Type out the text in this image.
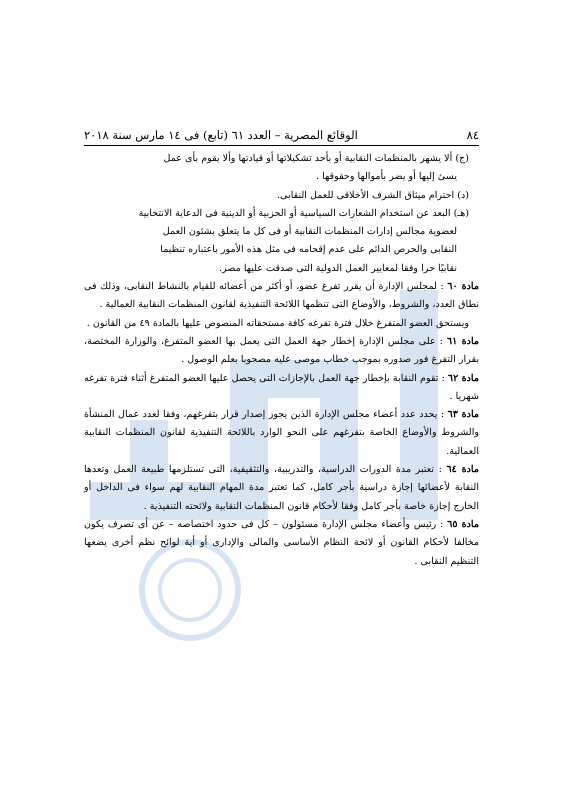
٨٤
الوقائع المصرية – العدد ٦١ (تابع) فى ١٤ مارس سنة ٢٠١٨

(ج) ألا يشهر بالمنظمات النقابية أو بأحد تشكيلاتها أو قيادتها وألا يقوم بأى عمل

يسئ إليها أو يضر بأموالها وحقوقها .

(د) احترام ميثاق الشرف الأخلاقى للعمل النقابى.

(هـ) البعد عن استخدام الشعارات السياسية أو الحزبية أو الدينية فى الدعاية الانتخابية

لعضوية مجالس إدارات المنظمات النقابية أو فى كل ما يتعلق بشئون العمل

النقابى والحرص الدائم على عدم إقحامه فى مثل هذه الأمور باعتباره تنظيما

نقابيًا حرا وفقا لمعايير العمل الدولية التى صدقت عليها مصر.

مادة ٦٠ : لمجلس الإدارة أن يقرر تفرغ عضو، أو أكثر من أعضائه للقيام بالنشاط النقابى، وذلك فى نطاق العدد، والشروط، والأوضاع التى تنظمها اللائحة التنفيذية لقانون المنظمات النقابية العمالية .

ويستحق العضو المتفرغ خلال فترة تفرغه كافة مستحقاته المنصوص عليها بالمادة ٤٩ من القانون .

مادة ٦١ : على مجلس الإدارة إخطار جهة العمل التى يعمل بها العضو المتفرغ، والوزارة المختصة، بقرار التفرغ فور صدوره بموجب خطاب موصى عليه مصحوبا بعلم الوصول .

مادة ٦٢ : تقوم النقابة بإخطار جهة العمل بالإجازات التى يحصل عليها العضو المتفرغ أثناء فترة تفرغه شهريا .

مادة ٦٣ : يحدد عدد أعضاء مجلس الإدارة الذين يجوز إصدار قرار بتفرغهم، وفقا لعدد عمال المنشأة والشروط والأوضاع الخاصة بتفرغهم على النحو الوارد باللائحة التنفيذية لقانون المنظمات النقابية العمالية.

مادة ٦٤ : تعتبر مدة الدورات الدراسية، والتدريبية، والتثقيفية، التى تستلزمها طبيعة العمل وتعدها النقابة لأعضائها إجازة دراسية بأجر كامل، كما تعتبر مدة المهام النقابية لهم سواء فى الداخل أو الخارج إجازة خاصة بأجر كامل وفقا لأحكام قانون المنظمات النقابية ولائحته التنفيذية .

مادة ٦٥ : رئيس وأعضاء مجلس الإدارة مسئولون – كل فى حدود اختصاصه – عن أى تصرف يكون مخالفا لأحكام القانون أو لائحة النظام الأساسى والمالى والإدارى أو أية لوائح نظم أخرى يضعها التنظيم النقابى .
